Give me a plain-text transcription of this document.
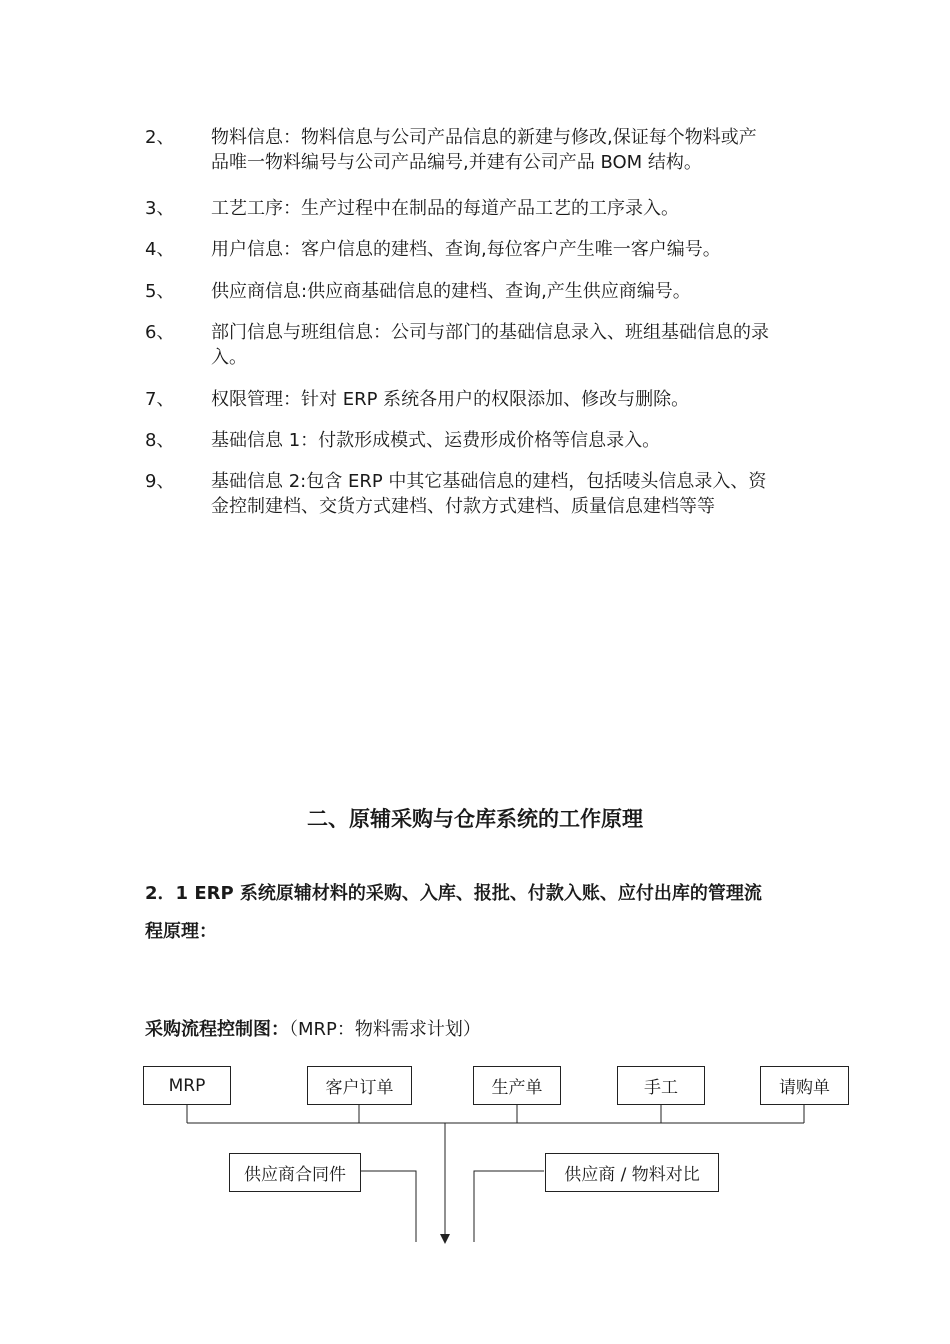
2、 物料信息：物料信息与公司产品信息的新建与修改,保证每个物料或产
品唯一物料编号与公司产品编号,并建有公司产品 BOM 结构。
3、 工艺工序：生产过程中在制品的每道产品工艺的工序录入。
4、 用户信息：客户信息的建档、查询,每位客户产生唯一客户编号。
5、 供应商信息:供应商基础信息的建档、查询,产生供应商编号。
6、 部门信息与班组信息：公司与部门的基础信息录入、班组基础信息的录
入。
7、 权限管理：针对 ERP 系统各用户的权限添加、修改与删除。
8、 基础信息 1：付款形成模式、运费形成价格等信息录入。
9、 基础信息 2:包含 ERP 中其它基础信息的建档，包括唛头信息录入、资
金控制建档、交货方式建档、付款方式建档、质量信息建档等等
二、原辅采购与仓库系统的工作原理
2．1 ERP 系统原辅材料的采购、入库、报批、付款入账、应付出库的管理流
程原理：
采购流程控制图：（MRP：物料需求计划）
MRP	客户订单	生产单	手工	请购单
供应商合同件	供应商 / 物料对比
